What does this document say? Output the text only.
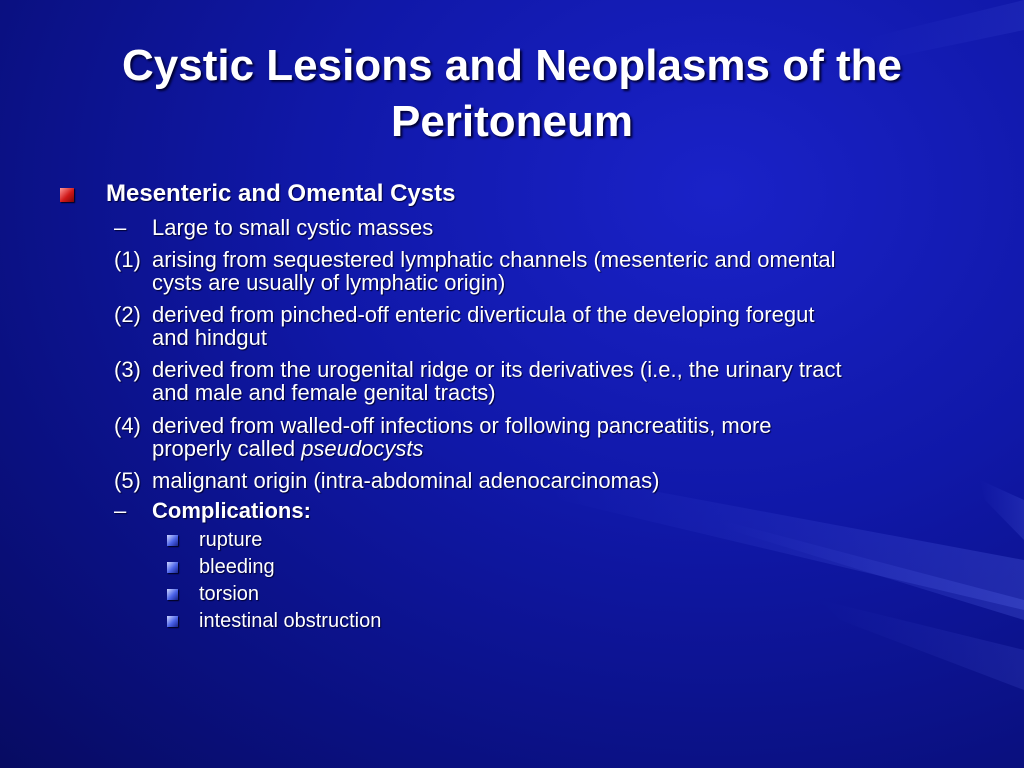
Cystic Lesions and Neoplasms of the Peritoneum
Mesenteric and Omental Cysts
– Large to small cystic masses
(1) arising from sequestered lymphatic channels (mesenteric and omental
cysts are usually of lymphatic origin)
(2) derived from pinched-off enteric diverticula of the developing foregut
and hindgut
(3) derived from the urogenital ridge or its derivatives (i.e., the urinary tract
and male and female genital tracts)
(4) derived from walled-off infections or following pancreatitis, more
properly called pseudocysts
(5) malignant origin (intra-abdominal adenocarcinomas)
– Complications:
rupture
bleeding
torsion
intestinal obstruction
